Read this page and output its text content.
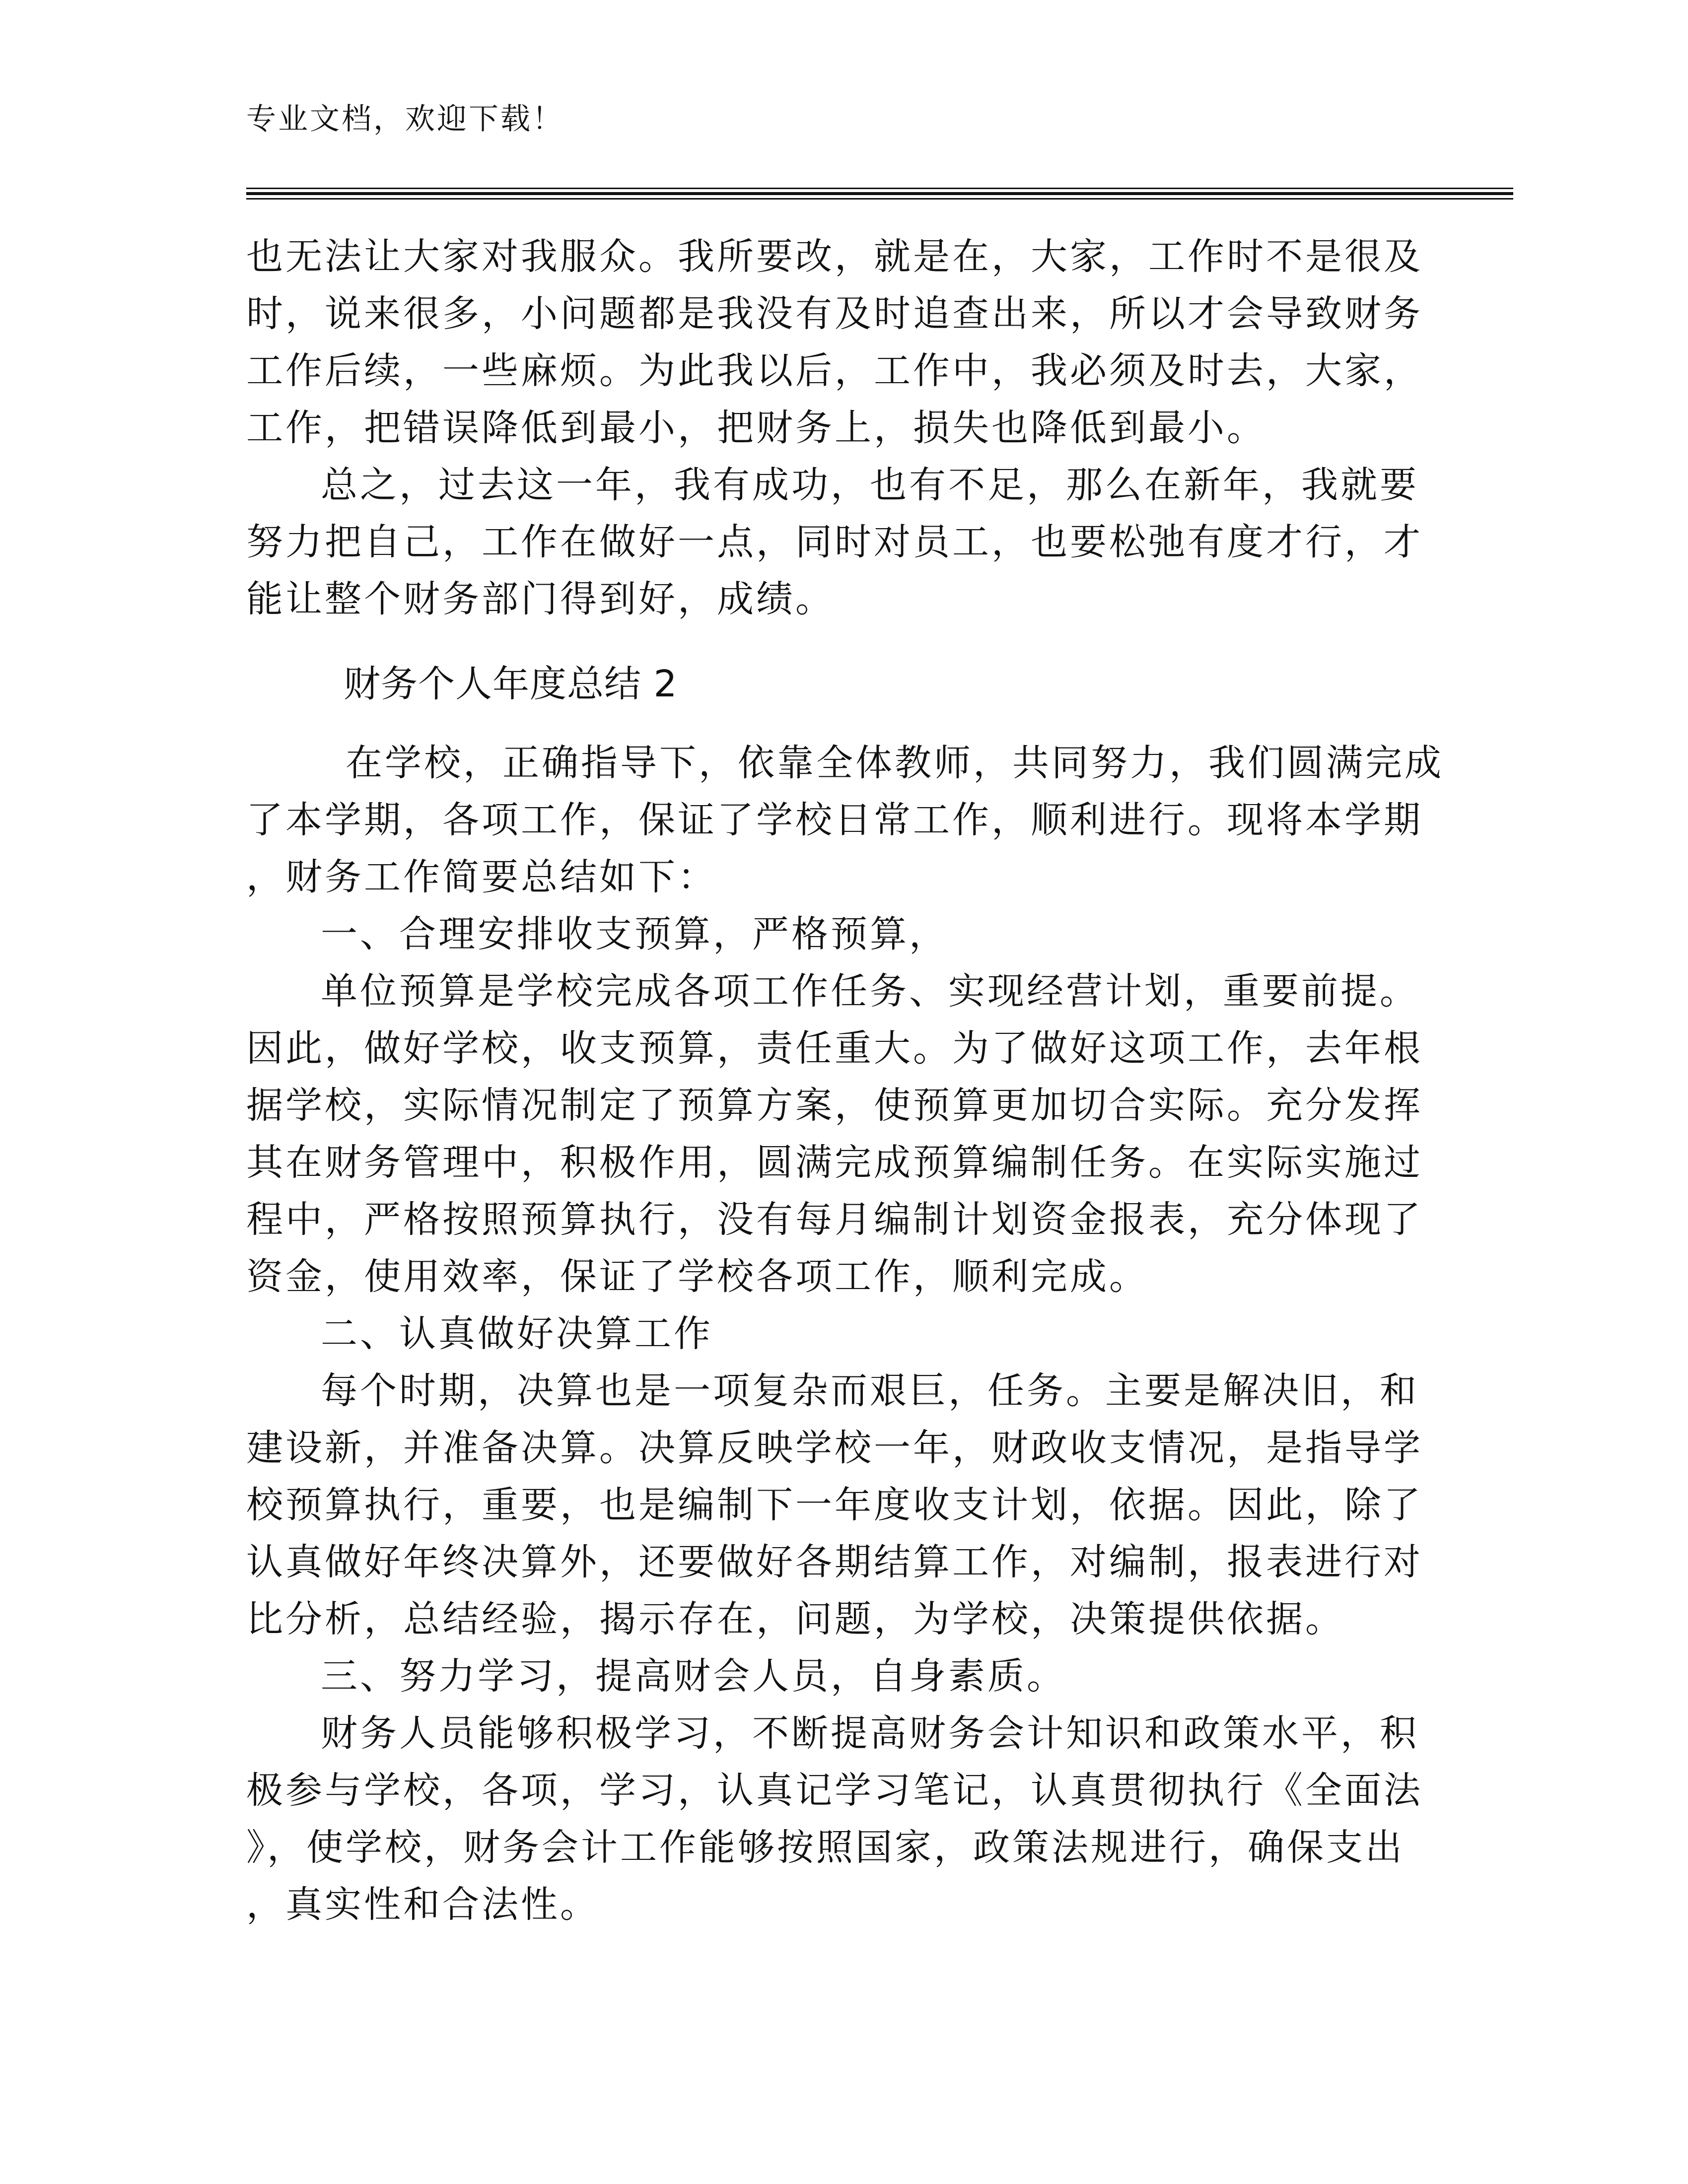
专业文档，欢迎下载！
也无法让大家对我服众。我所要改，就是在，大家，工作时不是很及
时，说来很多，小问题都是我没有及时追查出来，所以才会导致财务
工作后续，一些麻烦。为此我以后，工作中，我必须及时去，大家，
工作，把错误降低到最小，把财务上，损失也降低到最小。
总之，过去这一年，我有成功，也有不足，那么在新年，我就要
努力把自己，工作在做好一点，同时对员工，也要松弛有度才行，才
能让整个财务部门得到好，成绩。
财务个人年度总结 2
在学校，正确指导下，依靠全体教师，共同努力，我们圆满完成
了本学期，各项工作，保证了学校日常工作，顺利进行。现将本学期
，财务工作简要总结如下：
一、合理安排收支预算，严格预算，
单位预算是学校完成各项工作任务、实现经营计划，重要前提。
因此，做好学校，收支预算，责任重大。为了做好这项工作，去年根
据学校，实际情况制定了预算方案，使预算更加切合实际。充分发挥
其在财务管理中，积极作用，圆满完成预算编制任务。在实际实施过
程中，严格按照预算执行，没有每月编制计划资金报表，充分体现了
资金，使用效率，保证了学校各项工作，顺利完成。
二、认真做好决算工作
每个时期，决算也是一项复杂而艰巨，任务。主要是解决旧，和
建设新，并准备决算。决算反映学校一年，财政收支情况，是指导学
校预算执行，重要，也是编制下一年度收支计划，依据。因此，除了
认真做好年终决算外，还要做好各期结算工作，对编制，报表进行对
比分析，总结经验，揭示存在，问题，为学校，决策提供依据。
三、努力学习，提高财会人员，自身素质。
财务人员能够积极学习，不断提高财务会计知识和政策水平，积
极参与学校，各项，学习，认真记学习笔记，认真贯彻执行《全面法
》，使学校，财务会计工作能够按照国家，政策法规进行，确保支出
，真实性和合法性。
